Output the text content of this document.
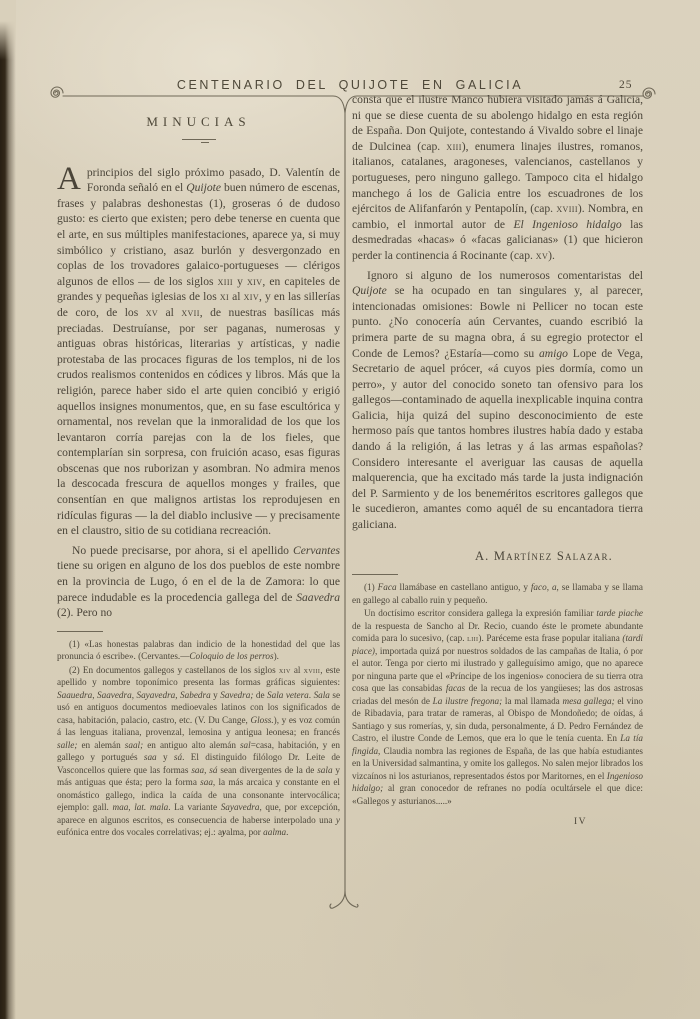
CENTENARIO DEL QUIJOTE EN GALICIA	25
MINUCIAS

A principios del siglo próximo pasado, D. Valentín de Foronda señaló en el Quijote buen número de escenas, frases y palabras deshonestas (1), groseras ó de dudoso gusto: es cierto que existen; pero debe tenerse en cuenta que el arte, en sus múltiples manifestaciones, aparece ya, si muy simbólico y cristiano, asaz burlón y desvergonzado en coplas de los trovadores galaico-portugueses — clérigos algunos de ellos — de los siglos xiii y xiv, en capiteles de grandes y pequeñas iglesias de los xi al xiv, y en las sillerías de coro, de los xv al xvii, de nuestras basílicas más preciadas. Destruíanse, por ser paganas, numerosas y antiguas obras históricas, literarias y artísticas, y nadie protestaba de las procaces figuras de los templos, ni de los crudos realismos contenidos en códices y libros. Más que la religión, parece haber sido el arte quien concibió y erigió aquellos insignes monumentos, que, en su fase escultórica y ornamental, nos revelan que la inmoralidad de los que los levantaron corría parejas con la de los fieles, que contemplarían sin sorpresa, con fruición acaso, esas figuras obscenas que nos ruborizan y asombran. No admira menos la descocada frescura de aquellos monges y frailes, que consentían en que malignos artistas los reprodujesen en ridículas figuras — la del diablo inclusive — y precisamente en el claustro, sitio de su cotidiana recreación.

No puede precisarse, por ahora, si el apellido Cervantes tiene su origen en alguno de los dos pueblos de este nombre en la provincia de Lugo, ó en el de la de Zamora: lo que parece indudable es la procedencia gallega del de Saavedra (2). Pero no

(1) «Las honestas palabras dan indicio de la honestidad del que las pronuncia ó escribe». (Cervantes.—Coloquio de los perros).

(2) En documentos gallegos y castellanos de los siglos xiv al xviii, este apellido y nombre toponímico presenta las formas gráficas siguientes: Saauedra, Saavedra, Sayavedra, Sabedra y Savedra; de Sala vetera. Sala se usó en antiguos documentos medioevales latinos con los significados de casa, habitación, palacio, castro, etc. (V. Du Cange, Gloss.), y es voz común á las lenguas italiana, provenzal, lemosina y antigua leonesa; en francés salle; en alemán saal; en antiguo alto alemán sal=casa, habitación, y en gallego y portugués saa y sá. El distinguido filólogo Dr. Leite de Vasconcellos quiere que las formas saa, sá sean divergentes de la de sala y más antiguas que ésta; pero la forma saa, la más arcaica y constante en el onomástico gallego, indica la caída de una consonante intervocálica; ejemplo: gall. maa, lat. mala. La variante Sayavedra, que, por excepción, aparece en algunos escritos, es consecuencia de haberse interpolado una y eufónica entre dos vocales correlativas; ej.: ayalma, por aalma.

consta que el ilustre Manco hubiera visitado jamás á Galicia, ni que se diese cuenta de su abolengo hidalgo en esta región de España. Don Quijote, contestando á Vivaldo sobre el linaje de Dulcinea (cap. xiii), enumera linajes ilustres, romanos, italianos, catalanes, aragoneses, valencianos, castellanos y portugueses, pero ninguno gallego. Tampoco cita el hidalgo manchego á los de Galicia entre los escuadrones de los ejércitos de Alifanfarón y Pentapolín, (cap. xviii). Nombra, en cambio, el inmortal autor de El Ingenioso hidalgo las desmedradas «hacas» ó «facas galicianas» (1) que hicieron perder la continencia á Rocinante (cap. xv).

Ignoro si alguno de los numerosos comentaristas del Quijote se ha ocupado en tan singulares y, al parecer, intencionadas omisiones: Bowle ni Pellicer no tocan este punto. ¿No conocería aún Cervantes, cuando escribió la primera parte de su magna obra, á su egregio protector el Conde de Lemos? ¿Estaría—como su amigo Lope de Vega, Secretario de aquel prócer, «á cuyos pies dormía, como un perro», y autor del conocido soneto tan ofensivo para los gallegos—contaminado de aquella inexplicable inquina contra Galicia, hija quizá del supino desconocimiento de este hermoso país que tantos hombres ilustres había dado y estaba dando á la religión, á las letras y á las armas españolas? Considero interesante el averiguar las causas de aquella malquerencia, que ha excitado más tarde la justa indignación del P. Sarmiento y de los beneméritos escritores gallegos que le sucedieron, amantes como aquél de su encantadora tierra galiciana.

A. Martínez Salazar.

(1) Faca llamábase en castellano antiguo, y faco, a, se llamaba y se llama en gallego al caballo ruin y pequeño.

Un doctísimo escritor considera gallega la expresión familiar tarde piache de la respuesta de Sancho al Dr. Recio, cuando éste le promete abundante comida para lo sucesivo, (cap. liii). Paréceme esta frase popular italiana (tardi piace), importada quizá por nuestros soldados de las campañas de Italia, ó por el autor. Tenga por cierto mi ilustrado y galleguísimo amigo, que no aparece por ninguna parte que el «Príncipe de los ingenios» conociera de su tierra otra cosa que las consabidas facas de la recua de los yangüeses; las dos astrosas criadas del mesón de La ilustre fregona; la mal llamada mesa gallega; el vino de Ribadavia, para tratar de rameras, al Obispo de Mondoñedo; de oídas, á Santiago y sus romerías, y, sin duda, personalmente, á D. Pedro Fernández de Castro, el ilustre Conde de Lemos, que era lo que le tenía cuenta. En La tía fingida, Claudia nombra las regiones de España, de las que había estudiantes en la Universidad salmantina, y omite los gallegos. No salen mejor librados los vizcaínos ni los asturianos, representados éstos por Maritornes, en el Ingenioso hidalgo; al gran conocedor de refranes no podía ocultársele el que dice: «Gallegos y asturianos.....»

IV
